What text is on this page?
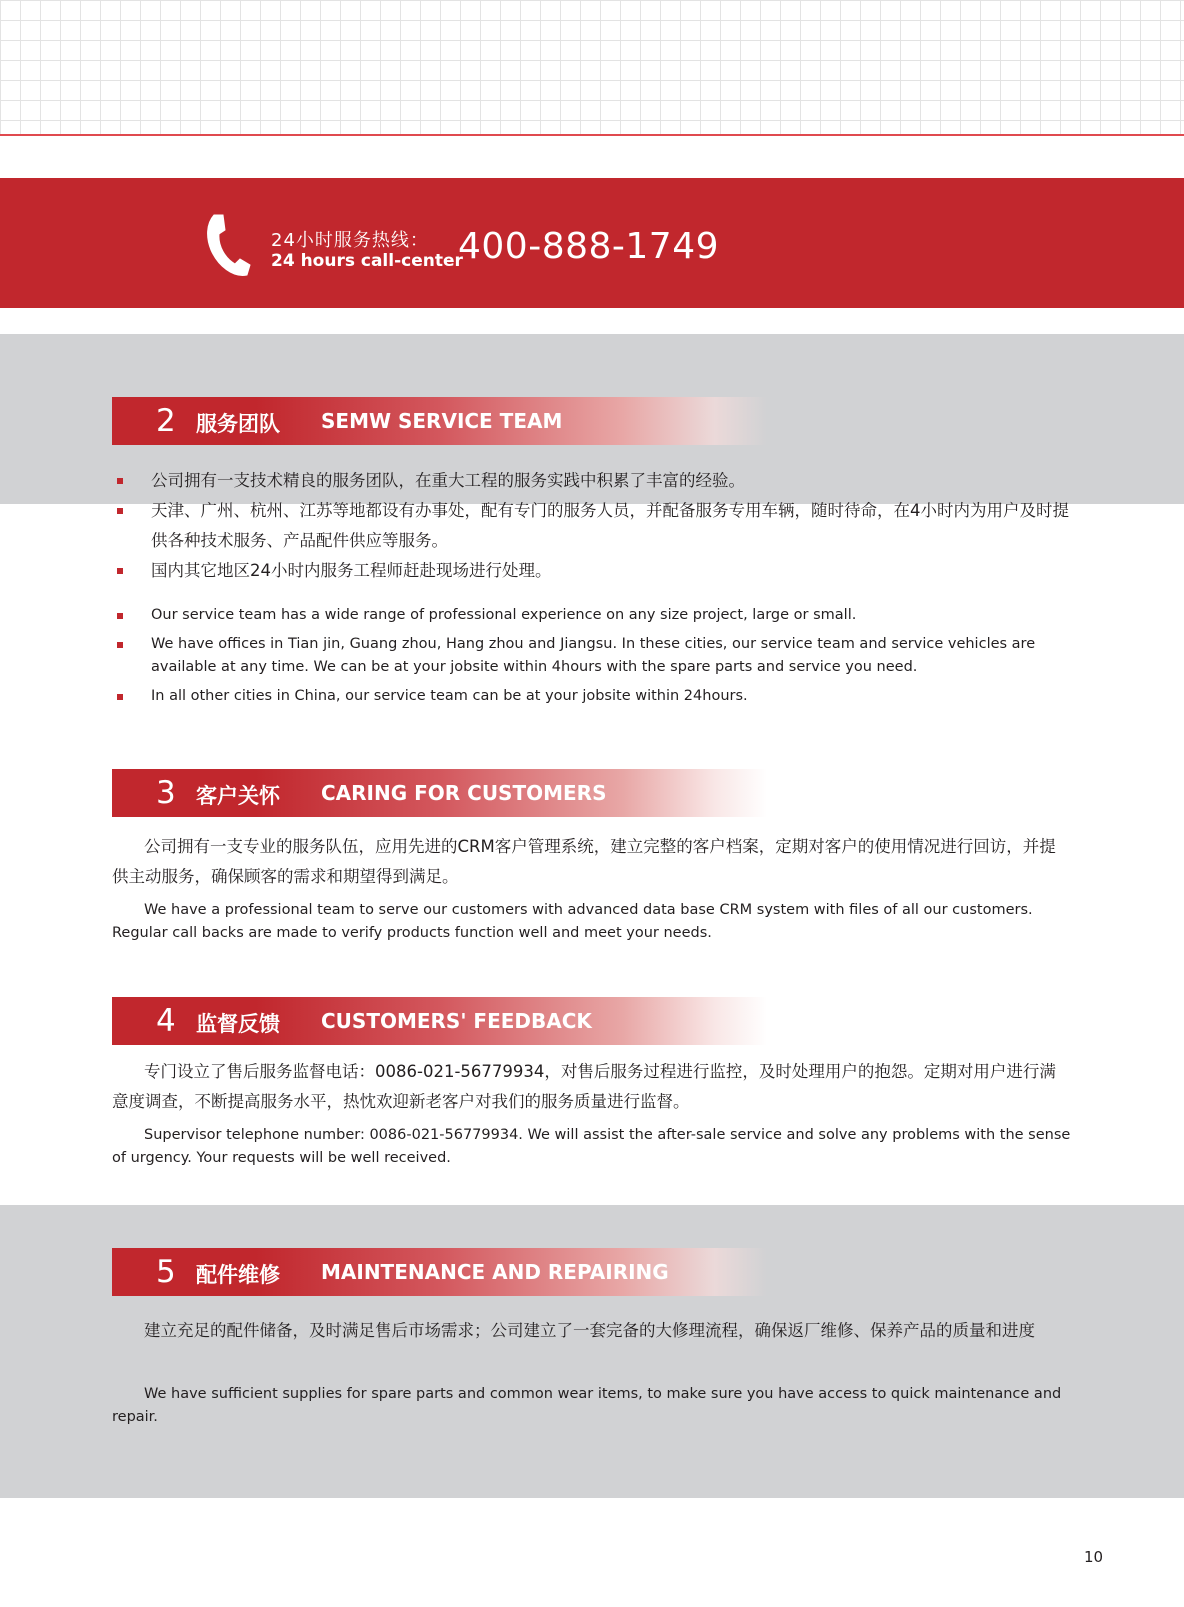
24小时服务热线：
24 hours call-center
400-888-1749
2 服务团队 SEMW SERVICE TEAM
公司拥有一支技术精良的服务团队，在重大工程的服务实践中积累了丰富的经验。
天津、广州、杭州、江苏等地都设有办事处，配有专门的服务人员，并配备服务专用车辆，随时待命，在4小时内为用户及时提供各种技术服务、产品配件供应等服务。
国内其它地区24小时内服务工程师赶赴现场进行处理。
Our service team has a wide range of professional experience on any size project, large or small.
We have offices in Tian jin, Guang zhou, Hang zhou and Jiangsu. In these cities, our service team and service vehicles are available at any time. We can be at your jobsite within 4hours with the spare parts and service you need.
In all other cities in China, our service team can be at your jobsite within 24hours.
3 客户关怀 CARING FOR CUSTOMERS

公司拥有一支专业的服务队伍，应用先进的CRM客户管理系统，建立完整的客户档案，定期对客户的使用情况进行回访，并提供主动服务，确保顾客的需求和期望得到满足。

We have a professional team to serve our customers with advanced data base CRM system with files of all our customers. Regular call backs are made to verify products function well and meet your needs.

4 监督反馈 CUSTOMERS' FEEDBACK

专门设立了售后服务监督电话：0086-021-56779934，对售后服务过程进行监控，及时处理用户的抱怨。定期对用户进行满意度调查，不断提高服务水平，热忱欢迎新老客户对我们的服务质量进行监督。

Supervisor telephone number: 0086-021-56779934. We will assist the after-sale service and solve any problems with the sense of urgency. Your requests will be well received.

5 配件维修 MAINTENANCE AND REPAIRING

建立充足的配件储备，及时满足售后市场需求；公司建立了一套完备的大修理流程，确保返厂维修、保养产品的质量和进度

We have sufficient supplies for spare parts and common wear items, to make sure you have access to quick maintenance and repair.

10
